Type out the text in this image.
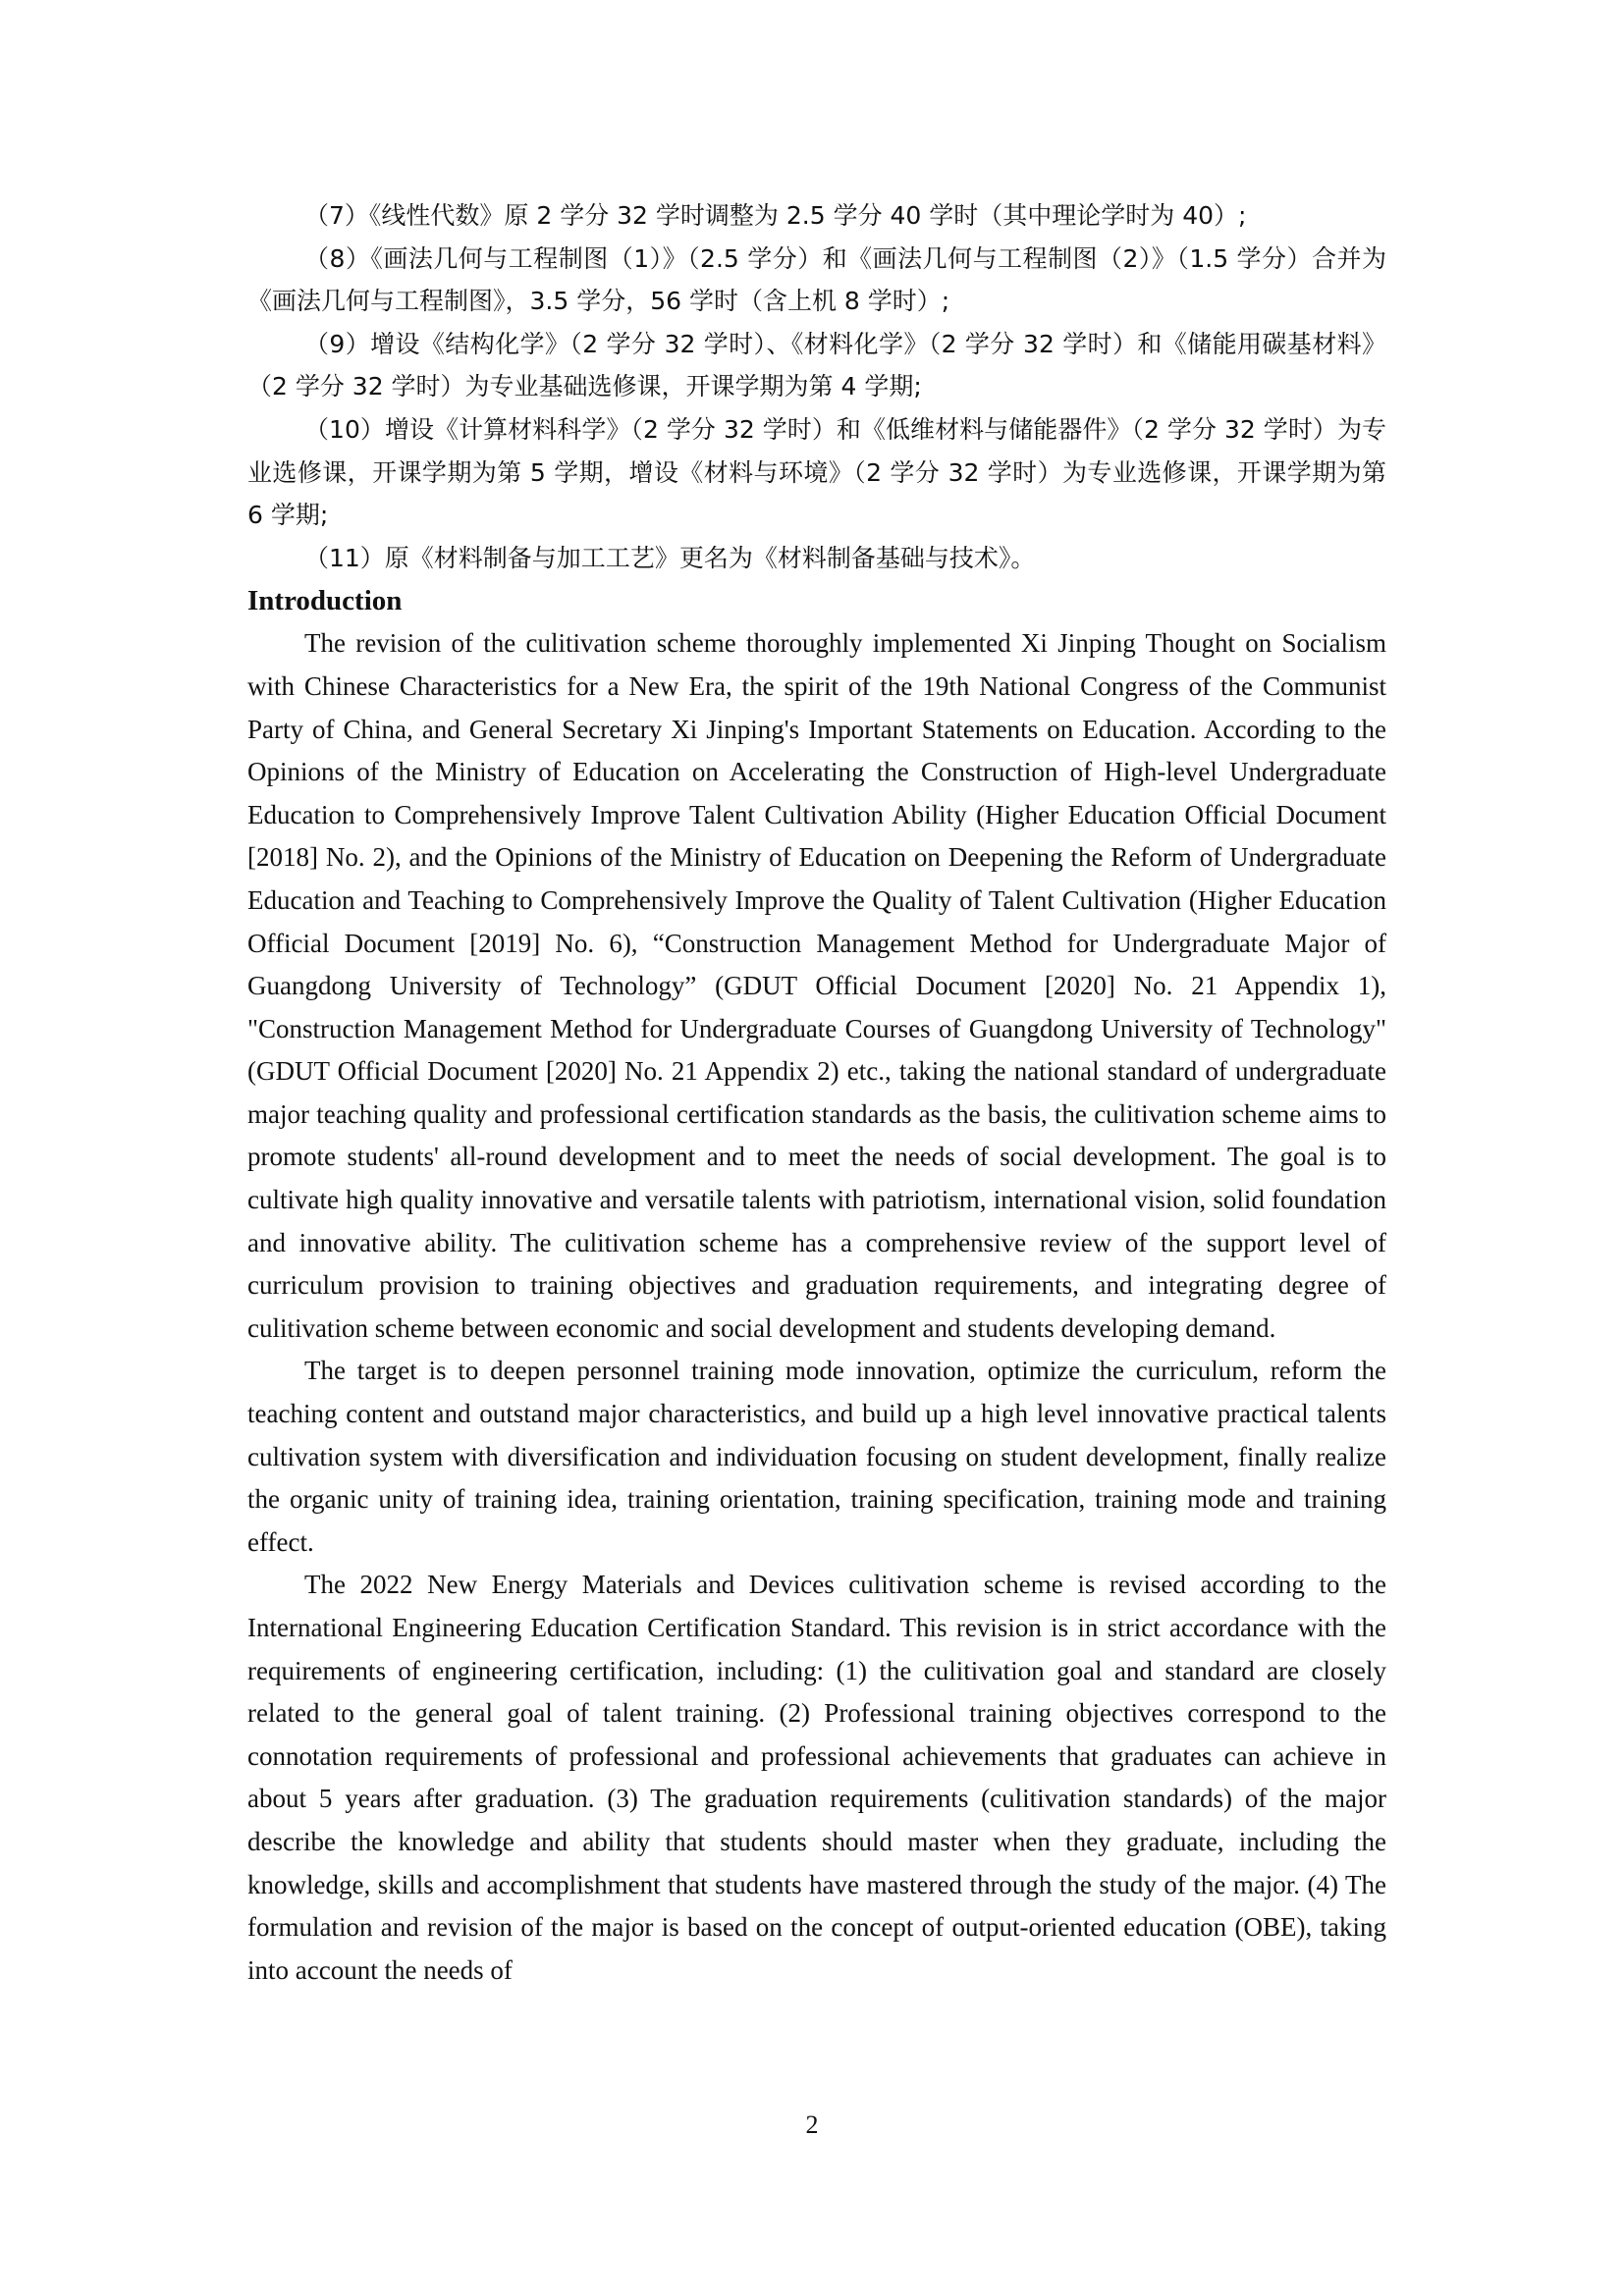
（7）《线性代数》原 2 学分 32 学时调整为 2.5 学分 40 学时（其中理论学时为 40）;

（8）《画法几何与工程制图（1）》（2.5 学分）和《画法几何与工程制图（2）》（1.5 学分）合并为《画法几何与工程制图》，3.5 学分，56 学时（含上机 8 学时）;

（9）增设《结构化学》（2 学分 32 学时）、《材料化学》（2 学分 32 学时）和《储能用碳基材料》（2 学分 32 学时）为专业基础选修课，开课学期为第 4 学期;

（10）增设《计算材料科学》（2 学分 32 学时）和《低维材料与储能器件》（2 学分 32 学时）为专业选修课，开课学期为第 5 学期，增设《材料与环境》（2 学分 32 学时）为专业选修课，开课学期为第 6 学期;

（11）原《材料制备与加工工艺》更名为《材料制备基础与技术》。

Introduction

The revision of the culitivation scheme thoroughly implemented Xi Jinping Thought on Socialism with Chinese Characteristics for a New Era, the spirit of the 19th National Congress of the Communist Party of China, and General Secretary Xi Jinping's Important Statements on Education. According to the Opinions of the Ministry of Education on Accelerating the Construction of High-level Undergraduate Education to Comprehensively Improve Talent Cultivation Ability (Higher Education Official Document [2018] No. 2), and the Opinions of the Ministry of Education on Deepening the Reform of Undergraduate Education and Teaching to Comprehensively Improve the Quality of Talent Cultivation (Higher Education Official Document [2019] No. 6), “Construction Management Method for Undergraduate Major of Guangdong University of Technology” (GDUT Official Document [2020] No. 21 Appendix 1), "Construction Management Method for Undergraduate Courses of Guangdong University of Technology" (GDUT Official Document [2020] No. 21 Appendix 2) etc., taking the national standard of undergraduate major teaching quality and professional certification standards as the basis, the culitivation scheme aims to promote students' all-round development and to meet the needs of social development. The goal is to cultivate high quality innovative and versatile talents with patriotism, international vision, solid foundation and innovative ability. The culitivation scheme has a comprehensive review of the support level of curriculum provision to training objectives and graduation requirements, and integrating degree of culitivation scheme between economic and social development and students developing demand.

The target is to deepen personnel training mode innovation, optimize the curriculum, reform the teaching content and outstand major characteristics, and build up a high level innovative practical talents cultivation system with diversification and individuation focusing on student development, finally realize the organic unity of training idea, training orientation, training specification, training mode and training effect.

The 2022 New Energy Materials and Devices culitivation scheme is revised according to the International Engineering Education Certification Standard. This revision is in strict accordance with the requirements of engineering certification, including: (1) the culitivation goal and standard are closely related to the general goal of talent training. (2) Professional training objectives correspond to the connotation requirements of professional and professional achievements that graduates can achieve in about 5 years after graduation. (3) The graduation requirements (culitivation standards) of the major describe the knowledge and ability that students should master when they graduate, including the knowledge, skills and accomplishment that students have mastered through the study of the major. (4) The formulation and revision of the major is based on the concept of output-oriented education (OBE), taking into account the needs of

2
